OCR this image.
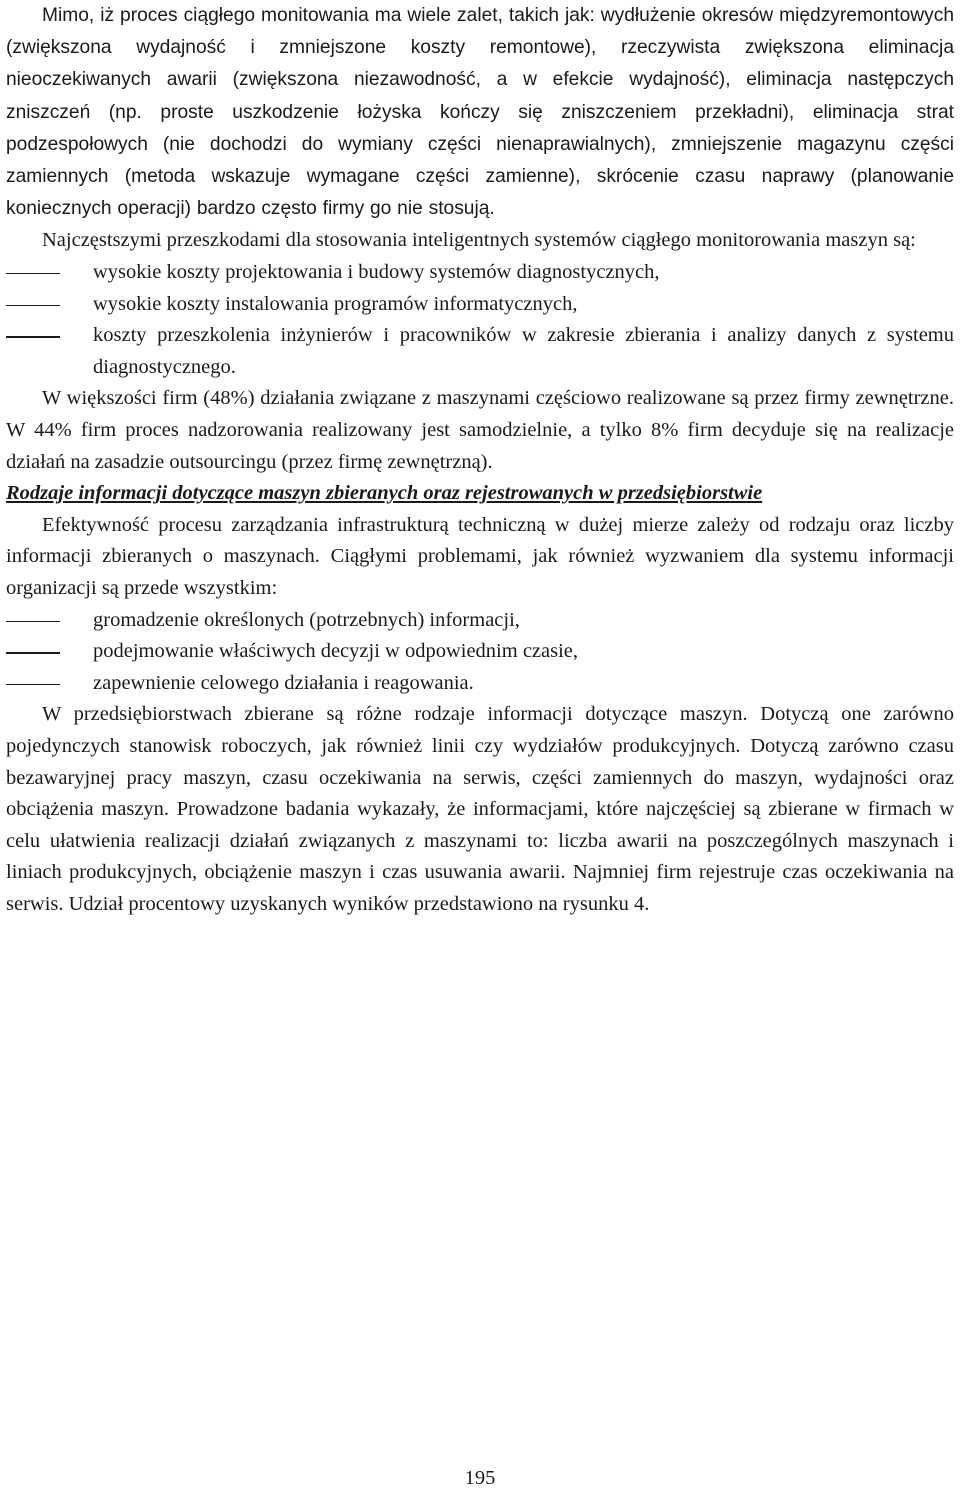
Mimo, iż proces ciągłego monitowania ma wiele zalet, takich jak: wydłużenie okresów międzyremontowych (zwiększona wydajność i zmniejszone koszty remontowe), rzeczywista zwiększona eliminacja nieoczekiwanych awarii (zwiększona niezawodność, a w efekcie wydajność), eliminacja następczych zniszczeń (np. proste uszkodzenie łożyska kończy się zniszczeniem przekładni), eliminacja strat podzespołowych (nie dochodzi do wymiany części nienaprawialnych), zmniejszenie magazynu części zamiennych (metoda wskazuje wymagane części zamienne), skrócenie czasu naprawy (planowanie koniecznych operacji) bardzo często firmy go nie stosują.

Najczęstszymi przeszkodami dla stosowania inteligentnych systemów ciągłego monitorowania maszyn są:

wysokie koszty projektowania i budowy systemów diagnostycznych,
wysokie koszty instalowania programów informatycznych,
koszty przeszkolenia inżynierów i pracowników w zakresie zbierania i analizy danych z systemu diagnostycznego.

W większości firm (48%) działania związane z maszynami częściowo realizowane są przez firmy zewnętrzne. W 44% firm proces nadzorowania realizowany jest samodzielnie, a tylko 8% firm decyduje się na realizacje działań na zasadzie outsourcingu (przez firmę zewnętrzną).

Rodzaje informacji dotyczące maszyn zbieranych oraz rejestrowanych w przedsiębiorstwie

Efektywność procesu zarządzania infrastrukturą techniczną w dużej mierze zależy od rodzaju oraz liczby informacji zbieranych o maszynach. Ciągłymi problemami, jak również wyzwaniem dla systemu informacji organizacji są przede wszystkim:

gromadzenie określonych (potrzebnych) informacji,
podejmowanie właściwych decyzji w odpowiednim czasie,
zapewnienie celowego działania i reagowania.

W przedsiębiorstwach zbierane są różne rodzaje informacji dotyczące maszyn. Dotyczą one zarówno pojedynczych stanowisk roboczych, jak również linii czy wydziałów produkcyjnych. Dotyczą zarówno czasu bezawaryjnej pracy maszyn, czasu oczekiwania na serwis, części zamiennych do maszyn, wydajności oraz obciążenia maszyn. Prowadzone badania wykazały, że informacjami, które najczęściej są zbierane w firmach w celu ułatwienia realizacji działań związanych z maszynami to: liczba awarii na poszczególnych maszynach i liniach produkcyjnych, obciążenie maszyn i czas usuwania awarii. Najmniej firm rejestruje czas oczekiwania na serwis. Udział procentowy uzyskanych wyników przedstawiono na rysunku 4.

195
